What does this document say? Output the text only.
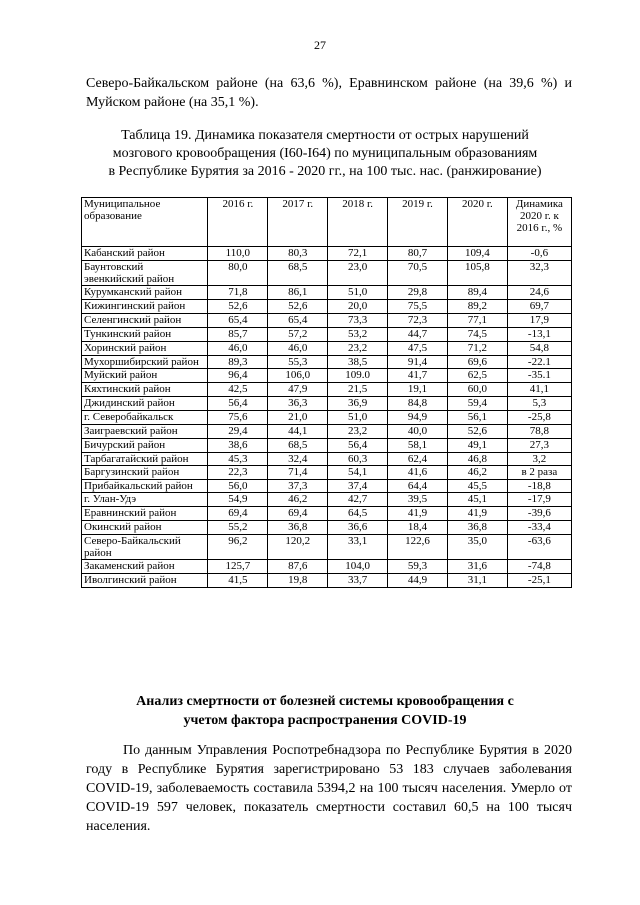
27
Северо-Байкальском районе (на 63,6 %), Еравнинском районе (на 39,6 %) и Муйском районе (на 35,1 %).
Таблица 19. Динамика показателя смертности от острых нарушений
мозгового кровообращения (I60-I64) по муниципальным образованиям
в Республике Бурятия за 2016 - 2020 гг., на 100 тыс. нас. (ранжирование)
Муниципальное образование	2016 г.	2017 г.	2018 г.	2019 г.	2020 г.	Динамика 2020 г. к 2016 г., %
Кабанский район	110,0	80,3	72,1	80,7	109,4	-0,6
Баунтовский эвенкийский район	80,0	68,5	23,0	70,5	105,8	32,3
Курумканский район	71,8	86,1	51,0	29,8	89,4	24,6
Кижингинский район	52,6	52,6	20,0	75,5	89,2	69,7
Селенгинский район	65,4	65,4	73,3	72,3	77,1	17,9
Тункинский район	85,7	57,2	53,2	44,7	74,5	-13,1
Хоринский район	46,0	46,0	23,2	47,5	71,2	54,8
Мухоршибирский район	89,3	55,3	38,5	91,4	69,6	-22.1
Муйский район	96,4	106,0	109.0	41,7	62,5	-35.1
Кяхтинский район	42,5	47,9	21,5	19,1	60,0	41,1
Джидинский район	56,4	36,3	36,9	84,8	59,4	5,3
г. Северобайкальск	75,6	21,0	51,0	94,9	56,1	-25,8
Заиграевский район	29,4	44,1	23,2	40,0	52,6	78,8
Бичурский район	38,6	68,5	56,4	58,1	49,1	27,3
Тарбагатайский район	45,3	32,4	60,3	62,4	46,8	3,2
Баргузинский район	22,3	71,4	54,1	41,6	46,2	в 2 раза
Прибайкальский район	56,0	37,3	37,4	64,4	45,5	-18,8
г. Улан-Удэ	54,9	46,2	42,7	39,5	45,1	-17,9
Еравнинский район	69,4	69,4	64,5	41,9	41,9	-39,6
Окинский район	55,2	36,8	36,6	18,4	36,8	-33,4
Северо-Байкальский район	96,2	120,2	33,1	122,6	35,0	-63,6
Закаменский район	125,7	87,6	104,0	59,3	31,6	-74,8
Иволгинский район	41,5	19,8	33,7	44,9	31,1	-25,1
Анализ смертности от болезней системы кровообращения с
учетом фактора распространения COVID-19
По данным Управления Роспотребнадзора по Республике Бурятия в 2020 году в Республике Бурятия зарегистрировано 53 183 случаев заболевания COVID-19, заболеваемость составила 5394,2 на 100 тысяч населения. Умерло от COVID-19 597 человек, показатель смертности составил 60,5 на 100 тысяч населения.
